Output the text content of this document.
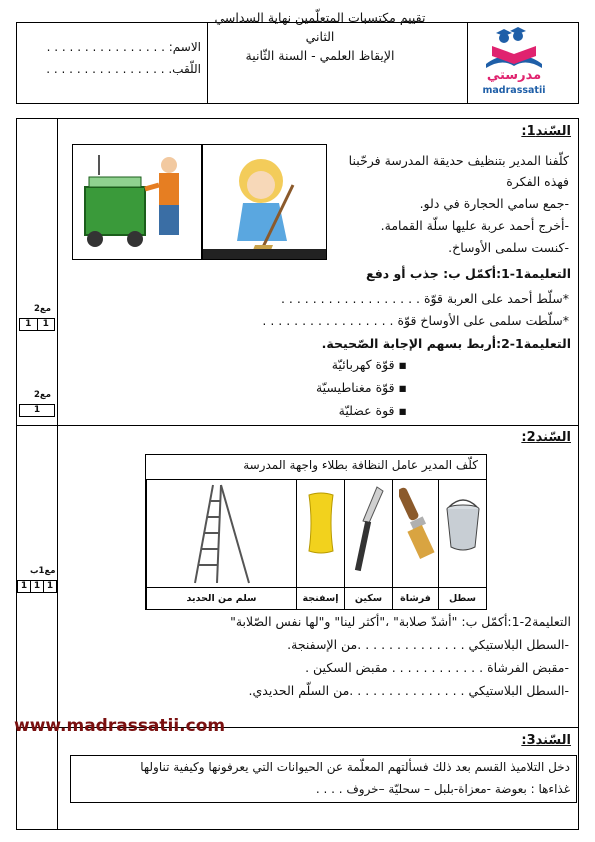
تقييم مكتسبات المتعلّمين نهاية السداسي
الثاني
الإيقاظ العلمي - السنة الثّانية
الاسم: . . . . . . . . . . . . . . . .
اللّقب. . . . . . . . . . . . . . . . .	مدرستي
madrassatii
السّند1:
كلّفنا المدير بتنظيف حديقة المدرسة فرحّبنا
فهذه الفكرة
-جمع سامي الحجارة في دلو.
-أخرج أحمد عربة عليها سلّة القمامة.
-كنست سلمى الأوساخ.
التعليمة1-1:أكمّل ب: جذب أو دفع
*سلّط أحمد على العربة قوّة . . . . . . . . . . . . . . . . . .
*سلّطت سلمى على الأوساخ قوّة . . . . . . . . . . . . . . . . .
التعليمة1-2:أربط بسهم الإجابة الصّحيحة.
▪ قوّة كهربائيّة
▪ قوّة مغناطيسيّة
▪ قوة عضليّة
مع2
1	1
مع2
1
السّند2:
كلّف المدير عامل النظافة بطلاء واجهة المدرسة
سطل
فرشاة
سكين
إسفنجة
سلم من الحديد
التعليمة2-1:أكمّل ب: "أشدّ صلابة" ،"أكثر لينا" و"لها نفس الصّلابة"
-السطل البلاستيكي . . . . . . . . . . . . . .من الإسفنجة.
-مقبض الفرشاة . . . . . . . . . . . . مقبض السكين .
-السطل البلاستيكي . . . . . . . . . . . . . . .من السلّم الحديدي.
مع1ب
1 1 1
www.madrassatii.com
السّند3:
دخل التلاميذ القسم بعد ذلك فسألتهم المعلّمة عن الحيوانات التي يعرفونها وكيفية تناولها
غذاءها : بعوضة -معزاة-بلبل – سحليّة –خروف . . . .
